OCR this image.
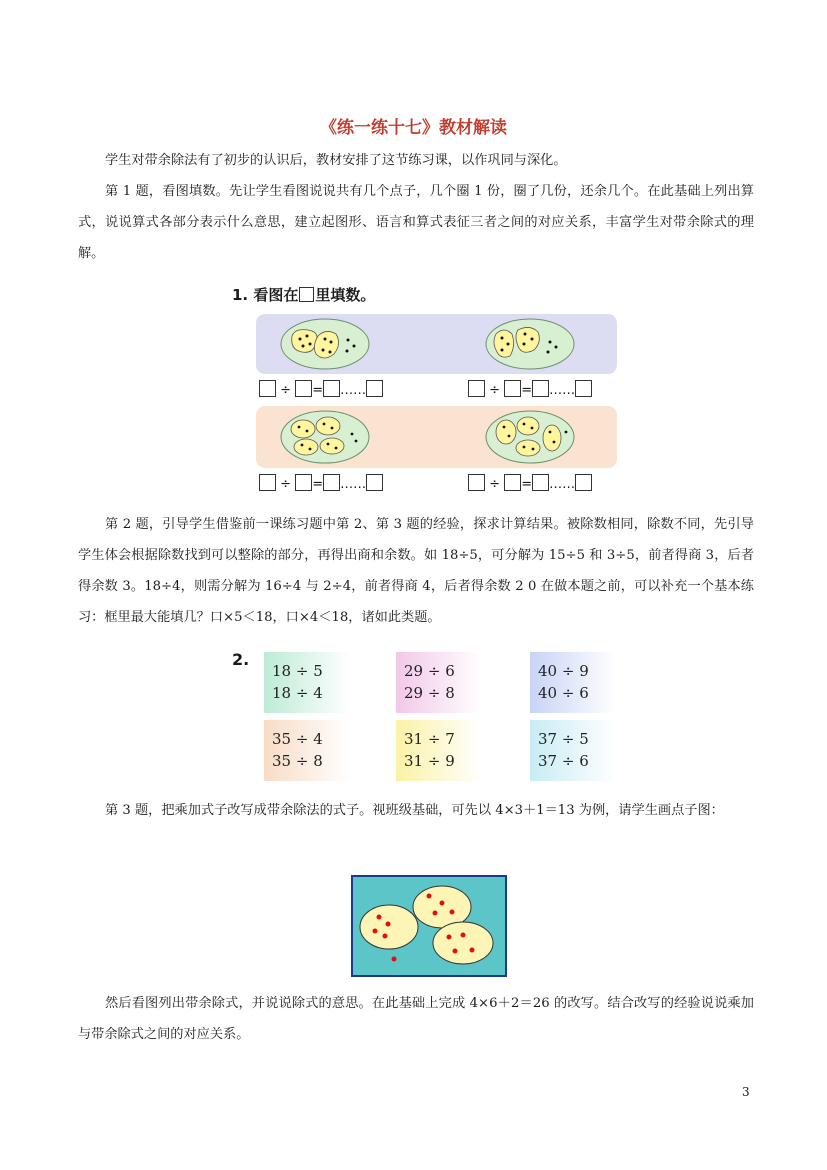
《练一练十七》教材解读

学生对带余除法有了初步的认识后，教材安排了这节练习课，以作巩同与深化。

第 1 题，看图填数。先让学生看图说说共有几个点子，几个圈 1 份，圈了几份，还余几个。在此基础上列出算式，说说算式各部分表示什么意思，建立起图形、语言和算式表征三者之间的对应关系，丰富学生对带余除式的理解。

1. 看图在 里填数。
÷ = ……	÷ = ……
÷ = ……	÷ = ……

第 2 题，引导学生借鉴前一课练习题中第 2、第 3 题的经验，探求计算结果。被除数相同，除数不同，先引导学生体会根据除数找到可以整除的部分，再得出商和余数。如 18÷5，可分解为 15÷5 和 3÷5，前者得商 3，后者得余数 3。18÷4，则需分解为 16÷4 与 2÷4，前者得商 4，后者得余数 2 0 在做本题之前，可以补充一个基本练习：框里最大能填几？口×5＜18，口×4＜18，诸如此类题。

2.
18 ÷ 5
18 ÷ 4
29 ÷ 6
29 ÷ 8
40 ÷ 9
40 ÷ 6
35 ÷ 4
35 ÷ 8
31 ÷ 7
31 ÷ 9
37 ÷ 5
37 ÷ 6

第 3 题，把乘加式子改写成带余除法的式子。视班级基础，可先以 4×3＋1＝13 为例，请学生画点子图：

然后看图列出带余除式，并说说除式的意思。在此基础上完成 4×6＋2＝26 的改写。结合改写的经验说说乘加与带余除式之间的对应关系。

3
